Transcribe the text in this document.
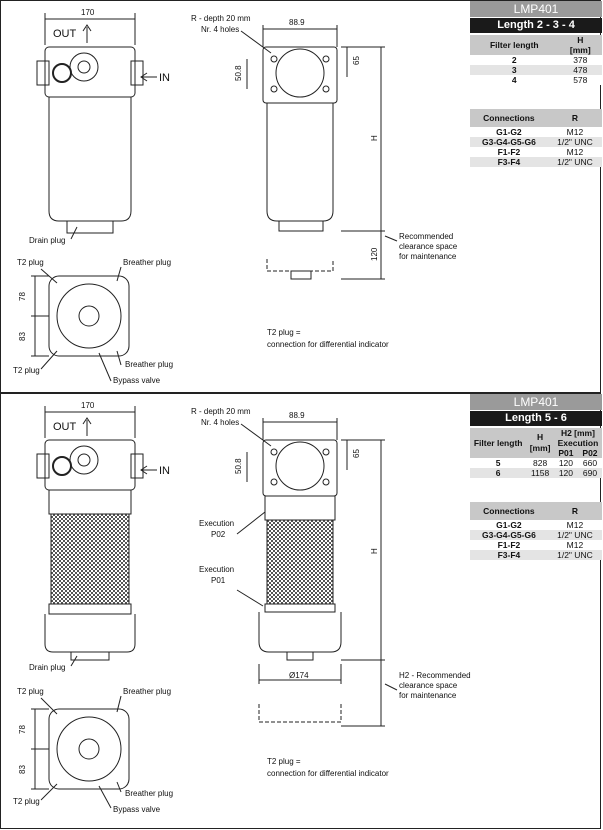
170
OUT
IN
R - depth 20 mm
Nr. 4 holes
88.9
50.8
65
H
120
Recommended
clearance space
for maintenance
Drain plug
T2 plug	Breather plug
78
83
Breather plug
T2 plug
Bypass valve
T2 plug =
connection for differential indicator
LMP401
Length 2 - 3 - 4
Filter length	H
[mm]
2	378
3	478
4	578
Connections	R
G1-G2	M12
G3-G4-G5-G6	1/2" UNC
F1-F2	M12
F3-F4	1/2" UNC
170
OUT
IN
R - depth 20 mm
Nr. 4 holes
88.9
50.8
65
H
Execution
P02
Execution
P01
Ø174	H2 - Recommended
clearance space
for maintenance
Drain plug
T2 plug	Breather plug
78
83
Breather plug
T2 plug
Bypass valve
T2 plug =
connection for differential indicator
LMP401
Length 5 - 6
Filter length	H
[mm]	H2 [mm]	
		Execution	
		P01	P02
5	828	120	660
6	1158	120	690
Connections	R
G1-G2	M12
G3-G4-G5-G6	1/2" UNC
F1-F2	M12
F3-F4	1/2" UNC
